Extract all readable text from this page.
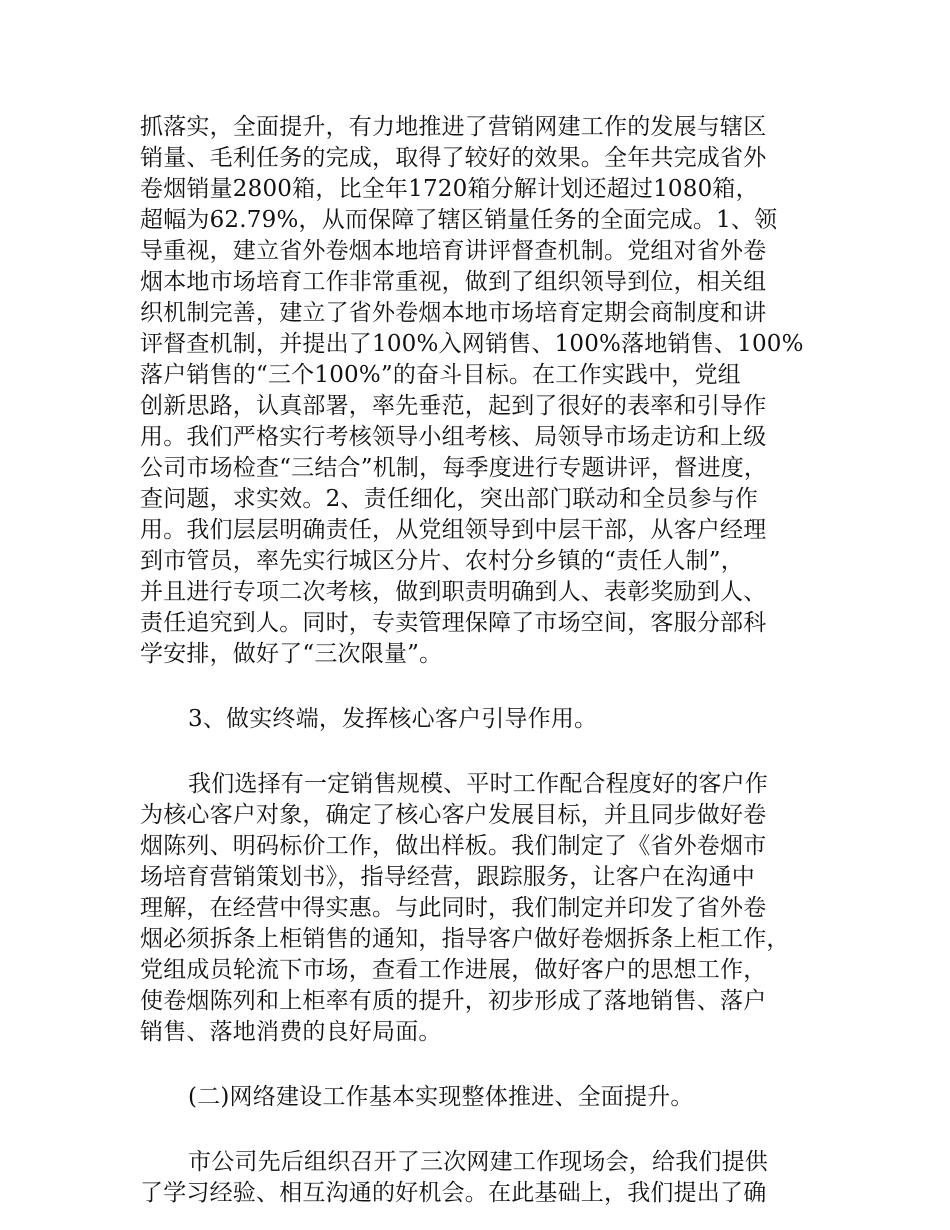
抓落实，全面提升，有力地推进了营销网建工作的发展与辖区
销量、毛利任务的完成，取得了较好的效果。全年共完成省外
卷烟销量2800箱，比全年1720箱分解计划还超过1080箱，
超幅为62.79%，从而保障了辖区销量任务的全面完成。1、领
导重视，建立省外卷烟本地培育讲评督查机制。党组对省外卷
烟本地市场培育工作非常重视，做到了组织领导到位，相关组
织机制完善，建立了省外卷烟本地市场培育定期会商制度和讲
评督查机制，并提出了100%入网销售、100%落地销售、100%
落户销售的“三个100%”的奋斗目标。在工作实践中，党组
创新思路，认真部署，率先垂范，起到了很好的表率和引导作
用。我们严格实行考核领导小组考核、局领导市场走访和上级
公司市场检查“三结合”机制，每季度进行专题讲评，督进度，
查问题，求实效。2、责任细化，突出部门联动和全员参与作
用。我们层层明确责任，从党组领导到中层干部，从客户经理
到市管员，率先实行城区分片、农村分乡镇的“责任人制”，
并且进行专项二次考核，做到职责明确到人、表彰奖励到人、
责任追究到人。同时，专卖管理保障了市场空间，客服分部科
学安排，做好了“三次限量”。
3、做实终端，发挥核心客户引导作用。
我们选择有一定销售规模、平时工作配合程度好的客户作
为核心客户对象，确定了核心客户发展目标，并且同步做好卷
烟陈列、明码标价工作，做出样板。我们制定了《省外卷烟市
场培育营销策划书》，指导经营，跟踪服务，让客户在沟通中
理解，在经营中得实惠。与此同时，我们制定并印发了省外卷
烟必须拆条上柜销售的通知，指导客户做好卷烟拆条上柜工作，
党组成员轮流下市场，查看工作进展，做好客户的思想工作，
使卷烟陈列和上柜率有质的提升，初步形成了落地销售、落户
销售、落地消费的良好局面。
(二)网络建设工作基本实现整体推进、全面提升。
市公司先后组织召开了三次网建工作现场会，给我们提供
了学习经验、相互沟通的好机会。在此基础上，我们提出了确
